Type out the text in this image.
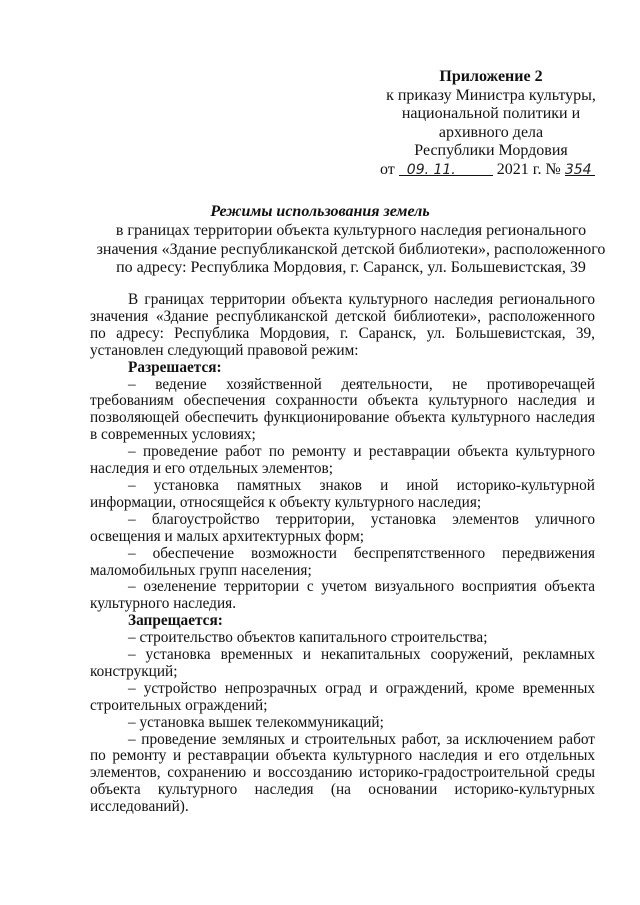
Приложение 2
к приказу Министра культуры,
национальной политики и
архивного дела
Республики Мордовия
от 09. 11.	2021 г. № 354
Режимы использования земель
в границах территории объекта культурного наследия регионального значения «Здание республиканской детской библиотеки», расположенного по адресу: Республика Мордовия, г. Саранск, ул. Большевистская, 39

В границах территории объекта культурного наследия регионального значения «Здание республиканской детской библиотеки», расположенного по адресу: Республика Мордовия, г. Саранск, ул. Большевистская, 39, установлен следующий правовой режим:

Разрешается:

– ведение хозяйственной деятельности, не противоречащей требованиям обеспечения сохранности объекта культурного наследия и позволяющей обеспечить функционирование объекта культурного наследия в современных условиях;

– проведение работ по ремонту и реставрации объекта культурного наследия и его отдельных элементов;

– установка памятных знаков и иной историко-культурной информации, относящейся к объекту культурного наследия;

– благоустройство территории, установка элементов уличного освещения и малых архитектурных форм;

– обеспечение возможности беспрепятственного передвижения маломобильных групп населения;

– озеленение территории с учетом визуального восприятия объекта культурного наследия.

Запрещается:

– строительство объектов капитального строительства;

– установка временных и некапитальных сооружений, рекламных конструкций;

– устройство непрозрачных оград и ограждений, кроме временных строительных ограждений;

– установка вышек телекоммуникаций;

– проведение земляных и строительных работ, за исключением работ по ремонту и реставрации объекта культурного наследия и его отдельных элементов, сохранению и воссозданию историко-градостроительной среды объекта культурного наследия (на основании историко-культурных исследований).
